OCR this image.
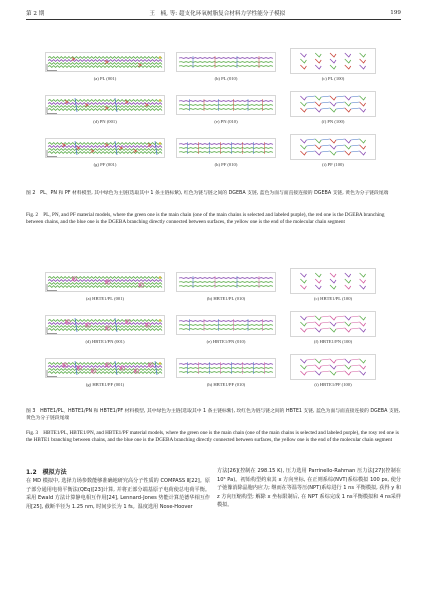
第 2 期	王　楠, 等: 超支化环氧树脂复合材料力学性能分子模拟	199
(a) PL (001)	(b) PL (010)	(c) PL (100)
(d) PN (001)	(e) PN (010)	(f) PN (100)
(g) PF (001)	(h) PF (010)	(i) PF (100)
图 2　PL、PN 和 PF 材料模型, 其中绿色为主链(选取其中 1 条主链标紫), 红色为链与链之间的 DGEBA 支链, 蓝色为面与面直接连接的 DGEBA 支链, 黄色为分子链段尾端
Fig. 2　PL, PN, and PF material models, where the green one is the main chain (one of the main chains is selected and labeled purple), the red one is the DGEBA branching between chains, and the blue one is the DGEBA branching directly connected between surfaces, the yellow one is the end of the molecular chain segment
(a) HBTE1/PL (001)	(b) HBTE1/PL (010)	(c) HBTE1/PL (100)
(d) HBTE1/PN (001)	(e) HBTE1/PN (010)	(f) HBTE1/PN (100)
(g) HBTE1/PF (001)	(h) HBTE1/PF (010)	(i) HBTE1/PF (100)
图 3　HBTE1/PL、HBTE1/PN 和 HBTE1/PF 材料模型, 其中绿色为主链(选取其中 1 条主链标紫), 玫红色为链与链之间的 HBTE1 支链, 蓝色为面与面直接连接的 DGEBA 支链, 黄色为分子链段尾端
Fig. 3　HBTE1/PL, HBTE1/PN, and HBTE1/PF material models, where the green one is the main chain (one of the main chains is selected and labeled purple), the rosy red one is the HBTE1 branching between chains, and the blue one is the DGEBA branching directly connected between surfaces, the yellow one is the end of the molecular chain segment
1.2　模拟方法
在 MD 模拟中, 选择力场参数能够准确地研究高分子性质的 COMPASS Ⅱ[22]。原子部分通用电荷平衡法(QEq)[23]计算, 并将正部分端基原子电荷使总电荷平衡。采用 Ewald 方法计算静电相互作用[24], Lennard-Jones 势能计算范德华相互作用[25], 截断半径为 1.25 nm, 时间步长为 1 fs。温度选用 Nose-Hoover
方法[26](控制在 298.15 K), 压力选用 Parrinello-Rahman 压力法[27](控制在 10⁵ Pa)。初始构型约束其 x 方向坐标, 在正则系综(NVT)系综模拟 100 ps, 使分子弛豫消除晶胞内应力; 继而在等温等压(NPT)系综进行 1 ns 平衡模拟, 获得 y 和 z 方向压缩构型; 解除 x 坐标限制后, 在 NPT 系综完成 1 ns平衡模拟和 4 ns采样模拟。
